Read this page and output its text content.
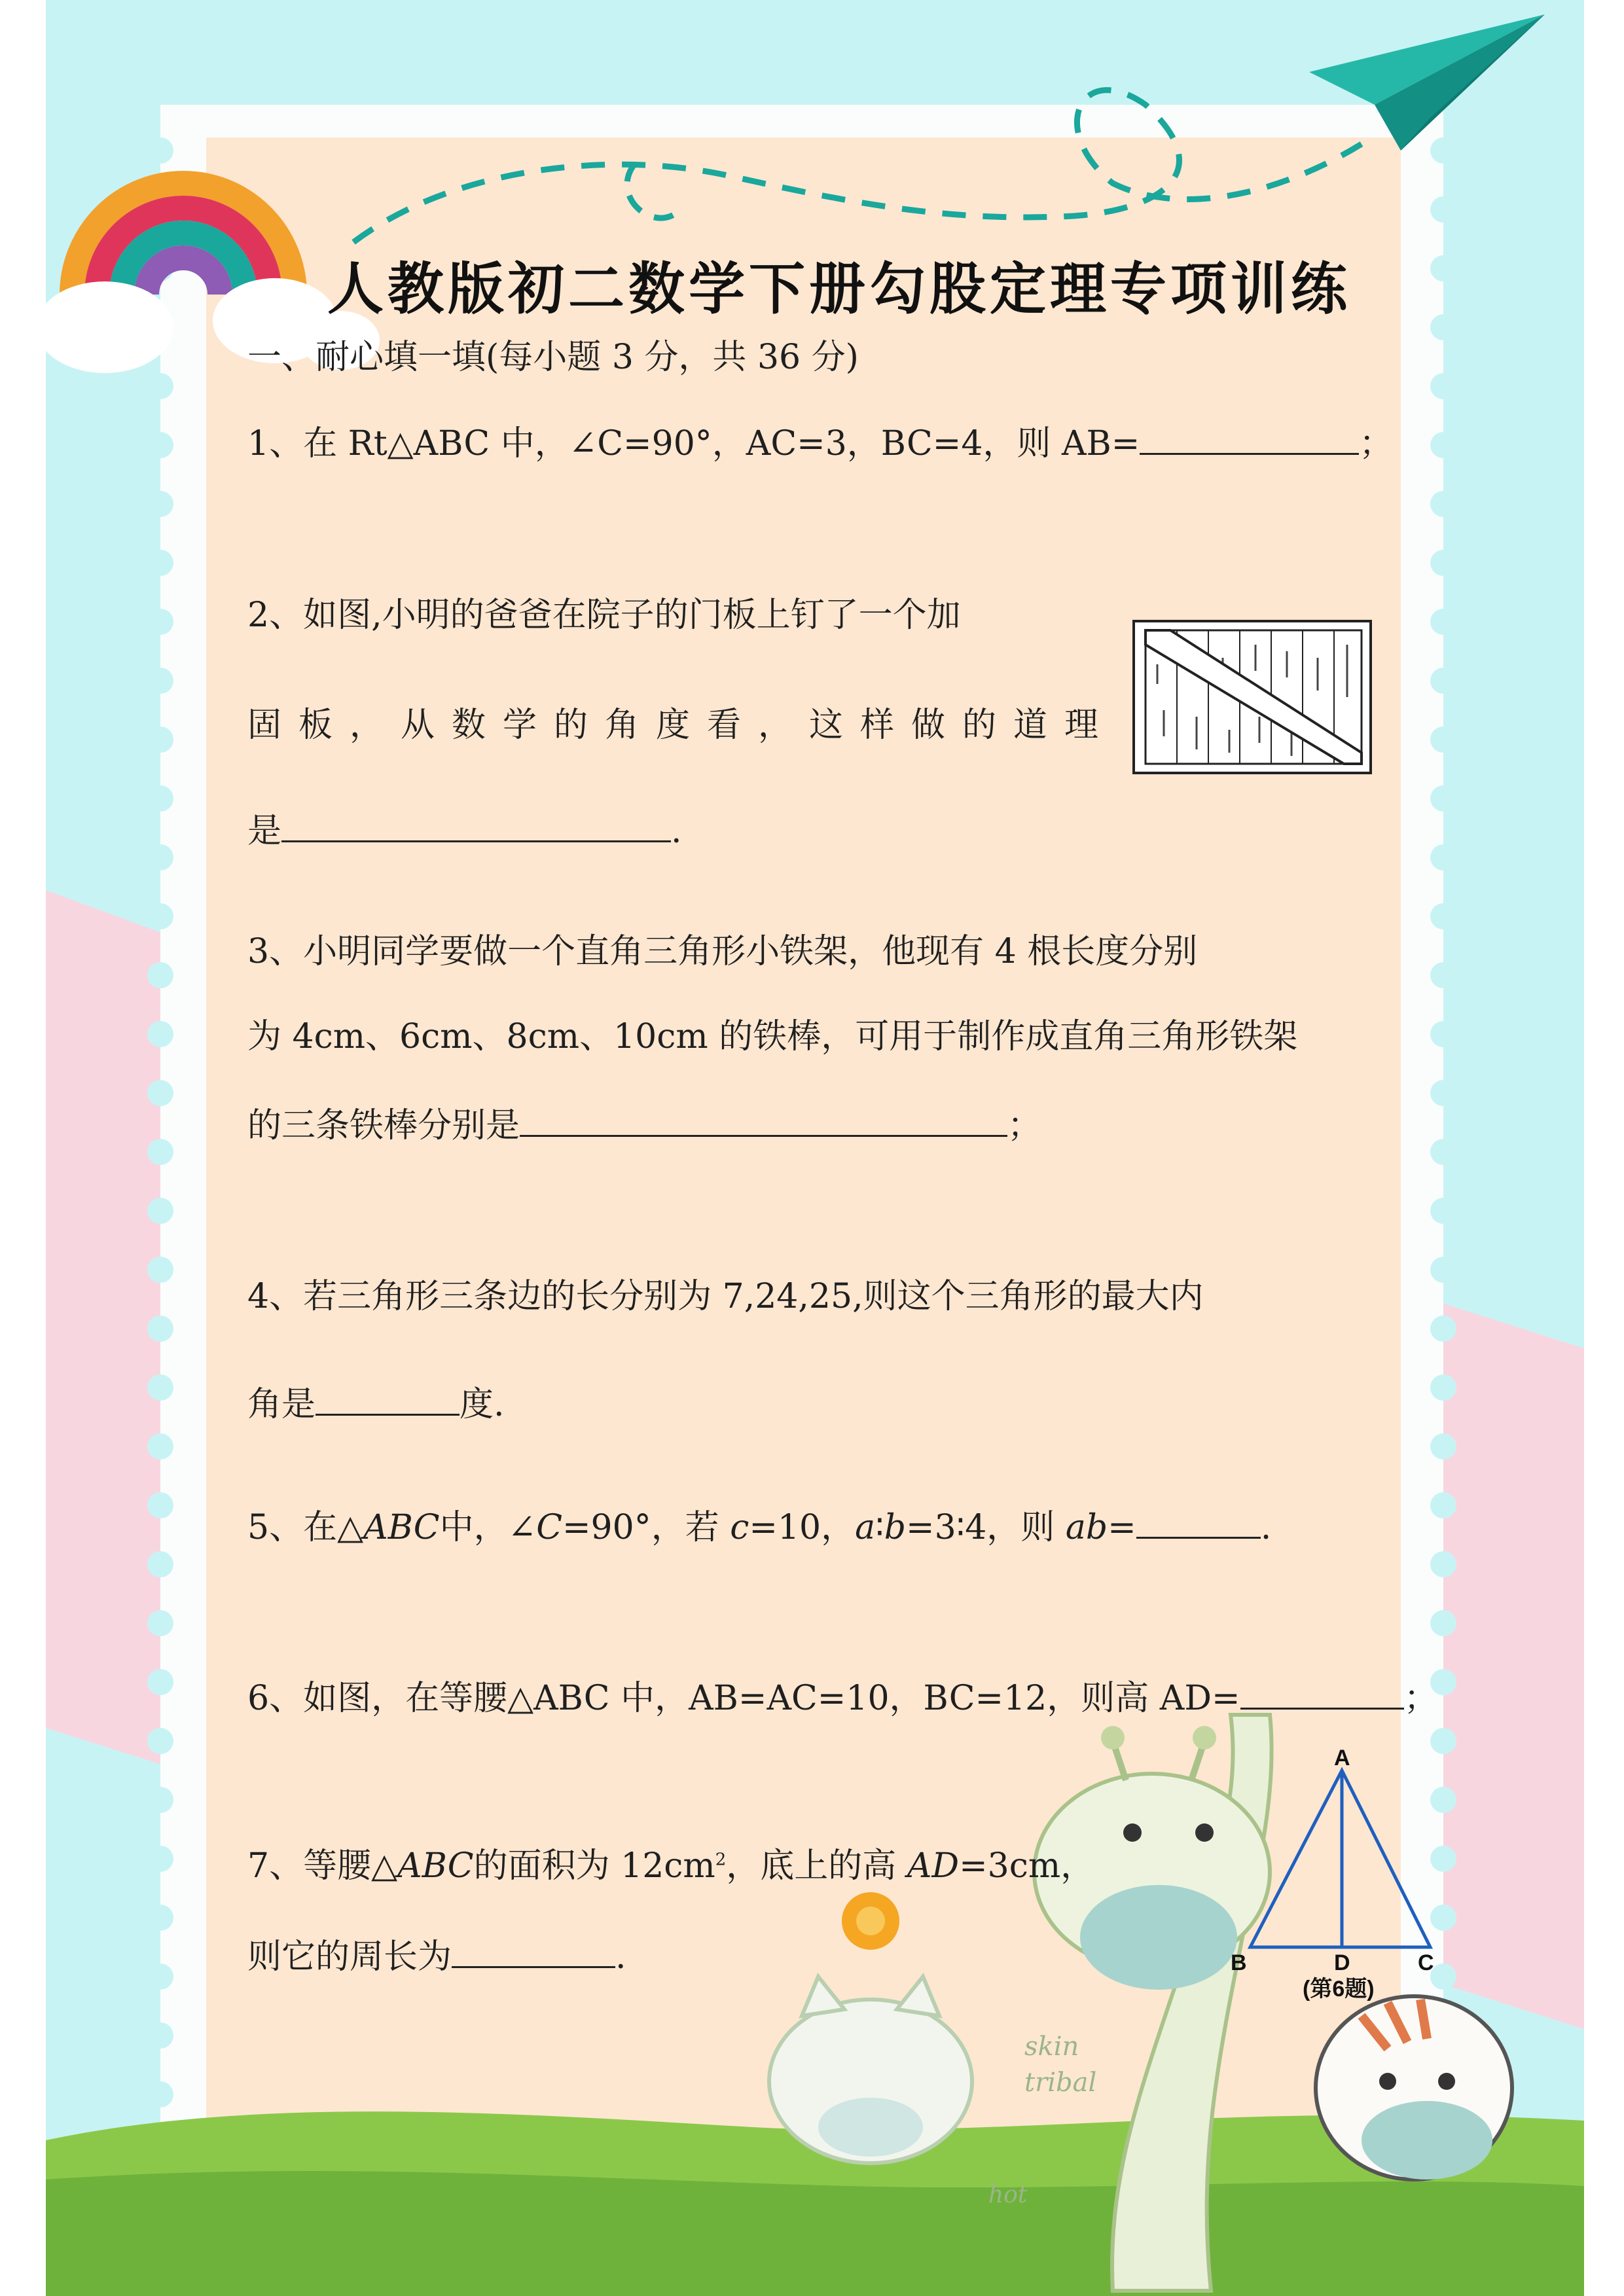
skin
tribal
hot
人教版初二数学下册勾股定理专项训练
一、耐心填一填(每小题 3 分，共 36 分)
1、在 Rt△ABC 中，∠C=90°，AC=3，BC=4，则 AB=	；
2、如图,小明的爸爸在院子的门板上钉了一个加
固板，从数学的角度看，这样做的道理
是	.
3、小明同学要做一个直角三角形小铁架，他现有 4 根长度分别
为 4cm、6cm、8cm、10cm 的铁棒，可用于制作成直角三角形铁架
的三条铁棒分别是	；
4、若三角形三条边的长分别为 7,24,25,则这个三角形的最大内
角是	度.
5、在△ABC中，∠C=90°，若 c=10，a∶b=3∶4，则 ab=	.
6、如图，在等腰△ABC 中，AB=AC=10，BC=12，则高 AD=	；
A
B	D	C
(第6题)
7、等腰△ABC的面积为 $12cm^2$，底上的高 AD=3cm，
则它的周长为	.
